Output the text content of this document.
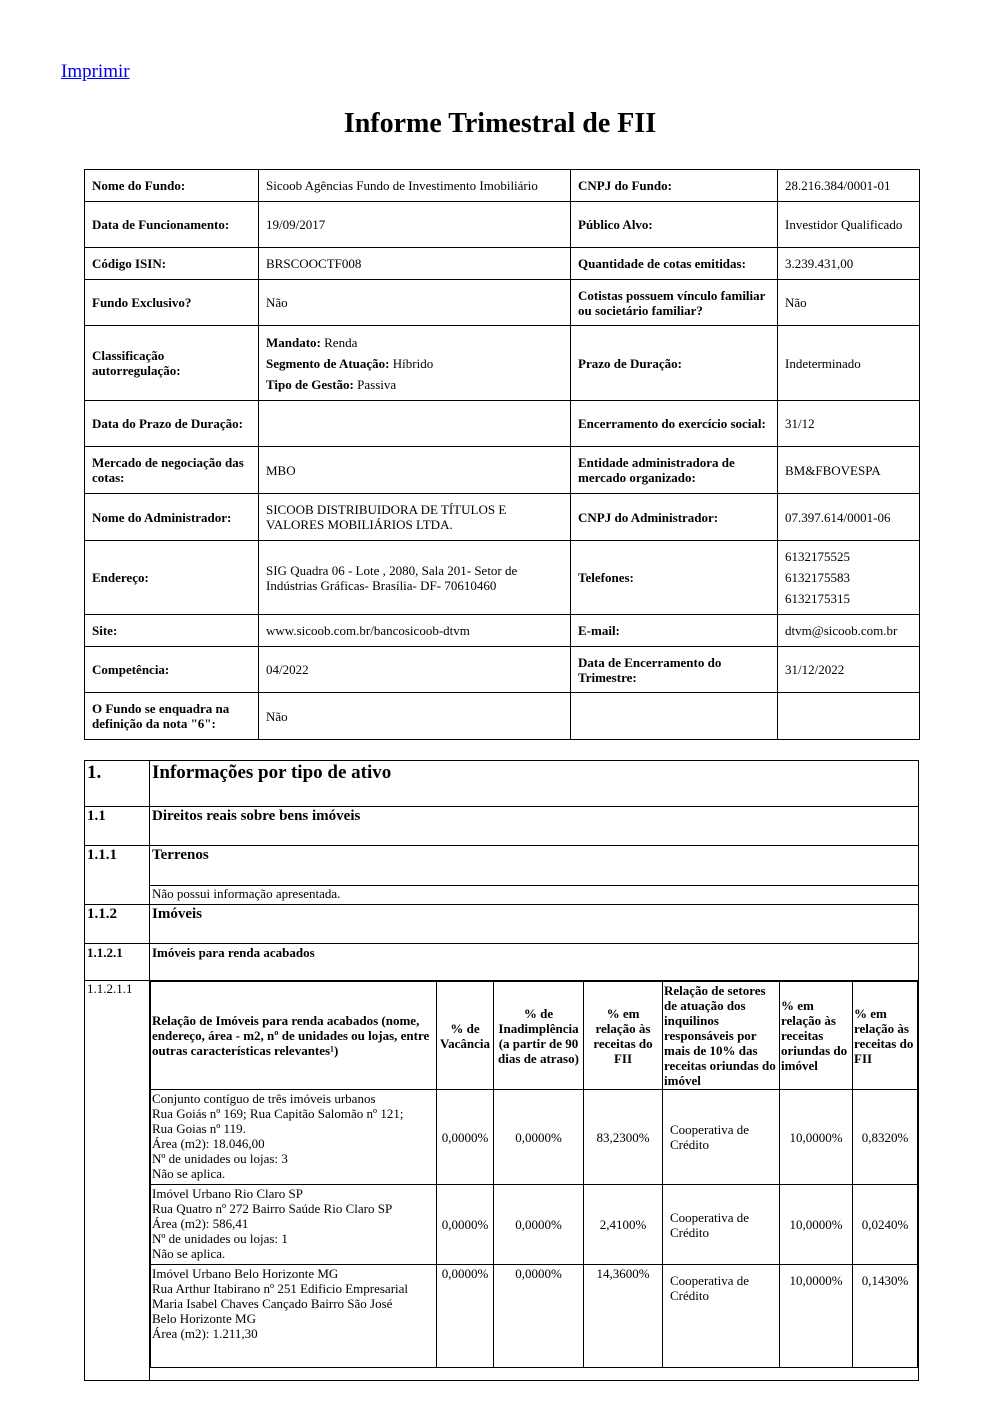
Imprimir
Informe Trimestral de FII
Nome do Fundo:	Sicoob Agências Fundo de Investimento Imobiliário	CNPJ do Fundo:	28.216.384/0001-01
Data de Funcionamento:	19/09/2017	Público Alvo:	Investidor Qualificado
Código ISIN:	BRSCOOCTF008	Quantidade de cotas emitidas:	3.239.431,00
Fundo Exclusivo?	Não	Cotistas possuem vínculo familiar ou societário familiar?	Não
Classificação autorregulação:	Mandato: Renda
Segmento de Atuação: Híbrido
Tipo de Gestão: Passiva	Prazo de Duração:	Indeterminado
Data do Prazo de Duração:		Encerramento do exercício social:	31/12
Mercado de negociação das cotas:	MBO	Entidade administradora de mercado organizado:	BM&FBOVESPA
Nome do Administrador:	SICOOB DISTRIBUIDORA DE TÍTULOS E VALORES MOBILIÁRIOS LTDA.	CNPJ do Administrador:	07.397.614/0001-06
Endereço:	SIG Quadra 06 - Lote , 2080, Sala 201- Setor de Indústrias Gráficas- Brasília- DF- 70610460	Telefones:	6132175525
6132175583
6132175315

Site:	www.sicoob.com.br/bancosicoob-dtvm	E-mail:	dtvm@sicoob.com.br
Competência:	04/2022	Data de Encerramento do Trimestre:	31/12/2022
O Fundo se enquadra na definição da nota "6":	Não		
1.	Informações por tipo de ativo
1.1	Direitos reais sobre bens imóveis
1.1.1	Terrenos
Não possui informação apresentada.
1.1.2	Imóveis
1.1.2.1	Imóveis para renda acabados
1.1.2.1.1	
Relação de Imóveis para renda acabados (nome, endereço, área - m2, nº de unidades ou lojas, entre outras características relevantes¹)	% de Vacância	% de Inadimplência (a partir de 90 dias de atraso)	% em relação às receitas do FII	Relação de setores de atuação dos inquilinos responsáveis por mais de 10% das receitas oriundas do imóvel	% em relação às receitas oriundas do imóvel	% em relação às receitas do FII

Conjunto contíguo de três imóveis urbanos
Rua Goiás nº 169; Rua Capitão Salomão nº 121;
Rua Goias nº 119.
Área (m2): 18.046,00
Nº de unidades ou lojas: 3
Não se aplica.
	0,0000%	0,0000%	83,2300%	Cooperativa de Crédito	10,0000%	0,8320%

Imóvel Urbano Rio Claro SP
Rua Quatro nº 272 Bairro Saúde Rio Claro SP
Área (m2): 586,41
Nº de unidades ou lojas: 1
Não se aplica.
	0,0000%	0,0000%	2,4100%	Cooperativa de Crédito	10,0000%	0,0240%

Imóvel Urbano Belo Horizonte MG
Rua Arthur Itabirano nº 251 Edificio Empresarial
Maria Isabel Chaves Cançado Bairro São José
Belo Horizonte MG
Área (m2): 1.211,30
	0,0000%	0,0000%	14,3600%	Cooperativa de Crédito	10,0000%	0,1430%
